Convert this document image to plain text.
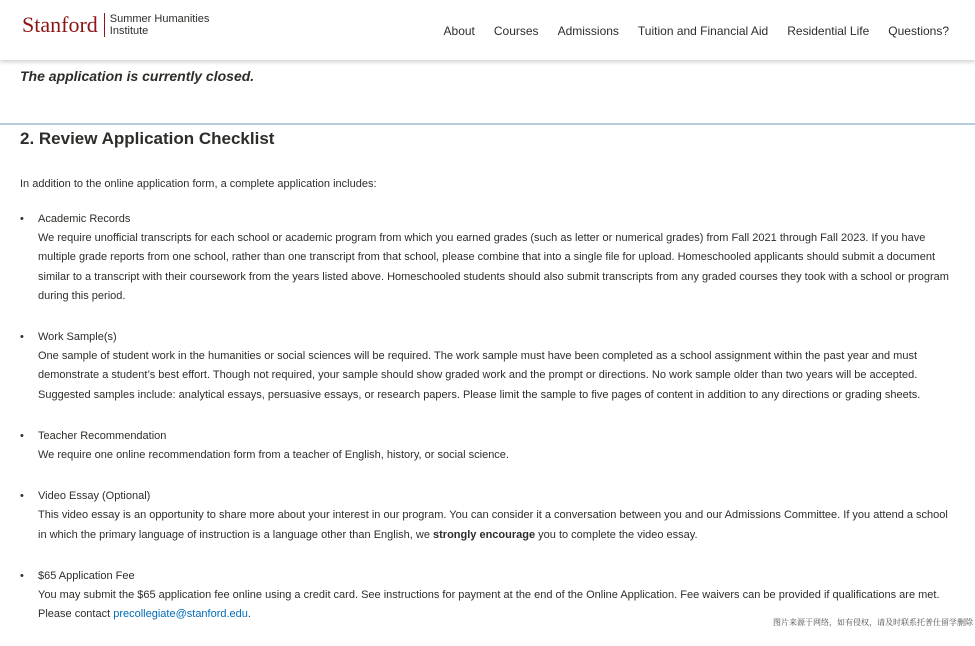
Stanford Summer Humanities
Institute	About Courses Admissions Tuition and Financial Aid Residential Life Questions?
The application is currently closed.
2. Review Application Checklist
In addition to the online application form, a complete application includes:
• Academic Records
We require unofficial transcripts for each school or academic program from which you earned grades (such as letter or numerical grades) from Fall 2021 through Fall 2023. If you have multiple grade reports from one school, rather than one transcript from that school, please combine that into a single file for upload. Homeschooled applicants should submit a document similar to a transcript with their coursework from the years listed above. Homeschooled students should also submit transcripts from any graded courses they took with a school or program during this period.
• Work Sample(s)
One sample of student work in the humanities or social sciences will be required. The work sample must have been completed as a school assignment within the past year and must demonstrate a student’s best effort. Though not required, your sample should show graded work and the prompt or directions. No work sample older than two years will be accepted. Suggested samples include: analytical essays, persuasive essays, or research papers. Please limit the sample to five pages of content in addition to any directions or grading sheets.
• Teacher Recommendation
We require one online recommendation form from a teacher of English, history, or social science.
• Video Essay (Optional)
This video essay is an opportunity to share more about your interest in our program. You can consider it a conversation between you and our Admissions Committee. If you attend a school in which the primary language of instruction is a language other than English, we strongly encourage you to complete the video essay.
• $65 Application Fee
You may submit the $65 application fee online using a credit card. See instructions for payment at the end of the Online Application. Fee waivers can be provided if qualifications are met. Please contact precollegiate@stanford.edu.
图片来源于网络，如有侵权，请及时联系托普仕留学删除
